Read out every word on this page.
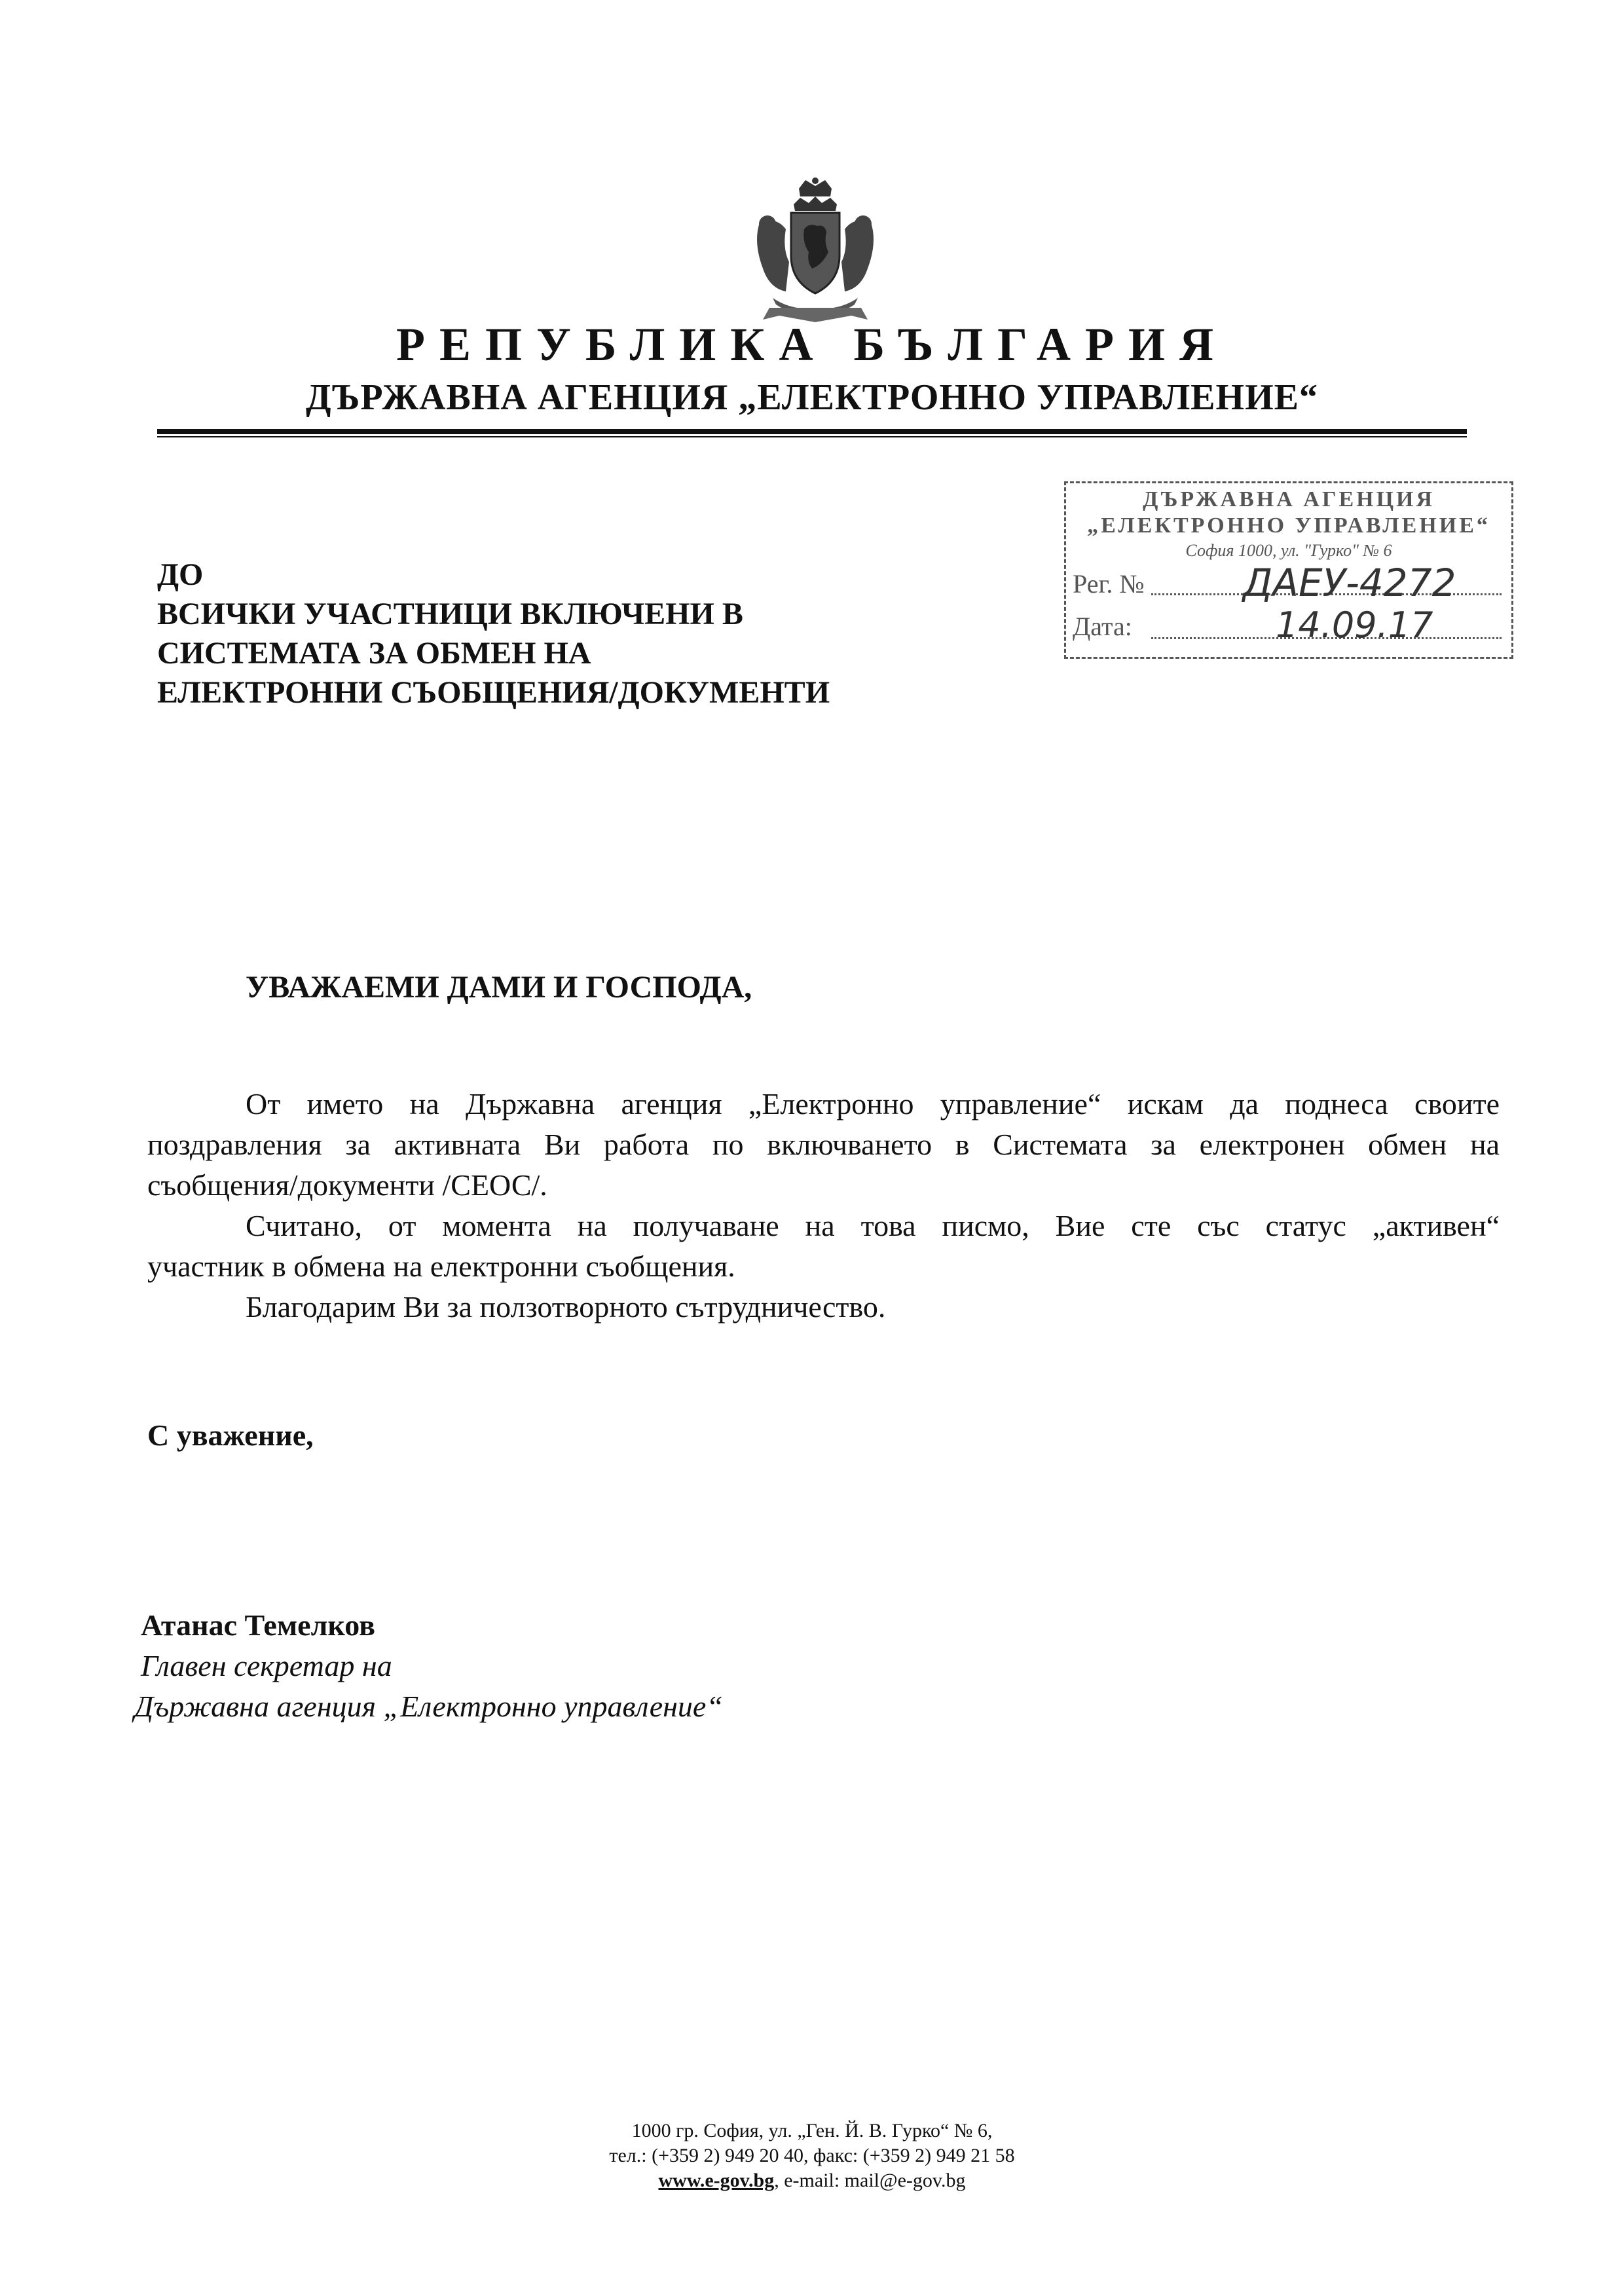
РЕПУБЛИКА БЪЛГАРИЯ
ДЪРЖАВНА АГЕНЦИЯ „ЕЛЕКТРОННО УПРАВЛЕНИЕ“
ДЪРЖАВНА АГЕНЦИЯ
„ЕЛЕКТРОННО УПРАВЛЕНИЕ“
София 1000, ул. "Гурко" № 6
Рег. №	ДАЕУ-4272
Дата:	14.09.17
ДО
ВСИЧКИ УЧАСТНИЦИ ВКЛЮЧЕНИ В
СИСТЕМАТА ЗА ОБМЕН НА
ЕЛЕКТРОННИ СЪОБЩЕНИЯ/ДОКУМЕНТИ
УВАЖАЕМИ ДАМИ И ГОСПОДА,
От името на Държавна агенция „Електронно управление“ искам да поднеса своите
поздравления за активната Ви работа по включването в Системата за електронен обмен на
съобщения/документи /СЕОС/.
Считано, от момента на получаване на това писмо, Вие сте със статус „активен“
участник в обмена на електронни съобщения.
Благодарим Ви за ползотворното сътрудничество.
С уважение,
Атанас Темелков
Главен секретар на
Държавна агенция „Електронно управление“
1000 гр. София, ул. „Ген. Й. В. Гурко“ № 6,
тел.: (+359 2) 949 20 40, факс: (+359 2) 949 21 58
www.e-gov.bg, e-mail: mail@e-gov.bg
